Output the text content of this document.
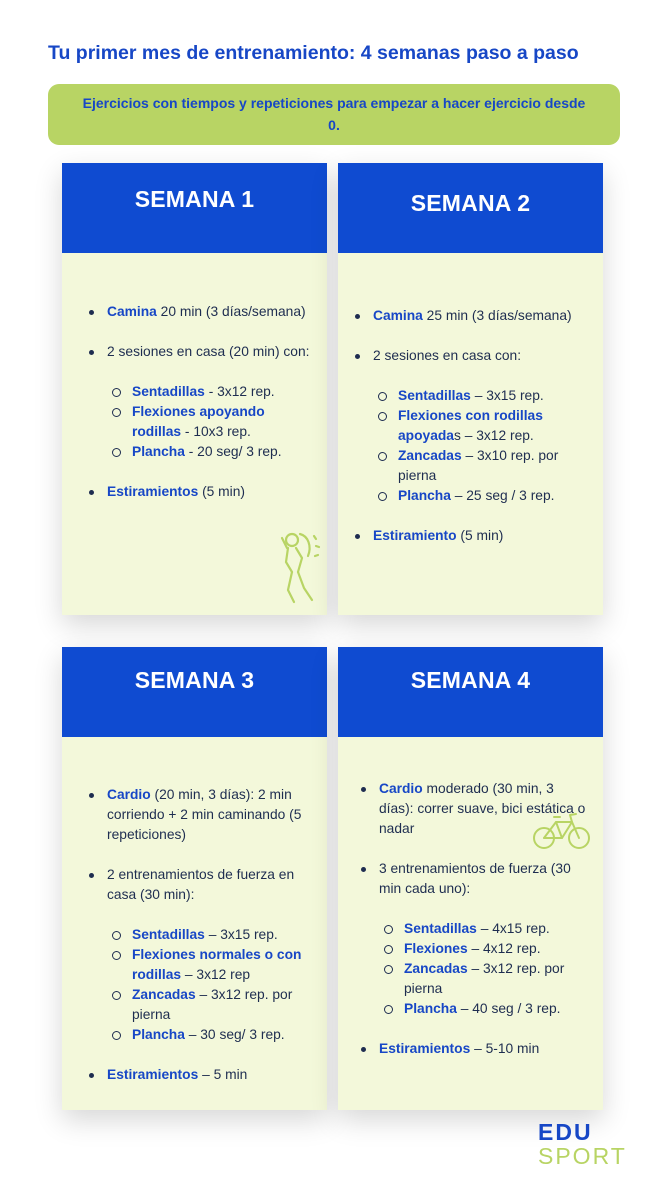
Tu primer mes de entrenamiento: 4 semanas paso a paso
Ejercicios con tiempos y repeticiones para empezar a hacer ejercicio desde 0.
SEMANA 1
Camina 20 min (3 días/semana)
2 sesiones en casa (20 min) con:
Sentadillas - 3x12 rep.
Flexiones apoyando rodillas - 10x3 rep.
Plancha - 20 seg/ 3 rep.
Estiramientos (5 min)
SEMANA 2
Camina 25 min (3 días/semana)
2 sesiones en casa con:
Sentadillas – 3x15 rep.
Flexiones con rodillas apoyadas – 3x12 rep.
Zancadas – 3x10 rep. por pierna
Plancha – 25 seg / 3 rep.
Estiramiento (5 min)
SEMANA 3
Cardio (20 min, 3 días): 2 min corriendo + 2 min caminando (5 repeticiones)
2 entrenamientos de fuerza en casa (30 min):
Sentadillas – 3x15 rep.
Flexiones normales o con rodillas – 3x12 rep
Zancadas – 3x12 rep. por pierna
Plancha – 30 seg/ 3 rep.
Estiramientos – 5 min
SEMANA 4
Cardio moderado (30 min, 3 días): correr suave, bici estática o nadar
3 entrenamientos de fuerza (30 min cada uno):
Sentadillas – 4x15 rep.
Flexiones – 4x12 rep.
Zancadas – 3x12 rep. por pierna
Plancha – 40 seg / 3 rep.
Estiramientos – 5-10 min
EDU
SPORT
